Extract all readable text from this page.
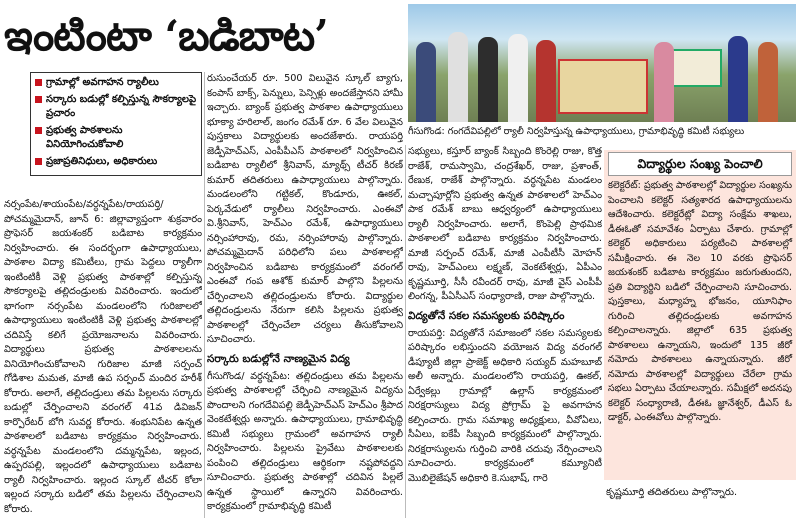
ఇంటింటా ‘బడిబాట’
గీసుగొండ: గంగదేవిపల్లిలో ర్యాలీ నిర్వహిస్తున్న ఉపాధ్యాయులు, గ్రామాభివృద్ధి కమిటీ సభ్యులు
గ్రామాల్లో అవగాహన ర్యాలీలు
సర్కారు బడుల్లో కల్పిస్తున్న సౌకర్యాలపై ప్రచారం
ప్రభుత్వ పాఠశాలను వినియోగించుకోవాలి
ప్రజాప్రతినిధులు, అధికారులు
నర్సంపేట/శాయంపేట/వర్ధన్నపేట/రాయపర్తి/పోచమ్మమైదాన్, జూన్ 6: జిల్లావ్యాప్తంగా శుక్రవారం ప్రొఫెసర్ జయశంకర్ బడిబాట కార్యక్రమం నిర్వహించారు. ఈ సందర్భంగా ఉపాధ్యాయులు, పాఠశాల విద్యా కమిటీలు, గ్రామ పెద్దలు ర్యాలీగా ఇంటింటికీ వెళ్లి ప్రభుత్వ పాఠశాల్లో కల్పిస్తున్న సౌకర్యాలపై తల్లిదండ్రులకు వివరించారు. ఇందులో భాగంగా నర్సంపేట మండలంలోని గురిజాలలో ఉపాధ్యాయులు ఇంటింటికీ వెళ్లి ప్రభుత్వ పాఠశాలల్లో చదివిస్తే కలిగే ప్రయోజనాలను వివరించారు. విద్యార్థులు ప్రభుత్వ పాఠశాలలను వినియోగించుకోవాలని గురిజాల మాజీ సర్పంచ్ గోడిశాల మమత, మాజీ ఉప సర్పంచ్ మందిర హరీశ్ కోరారు. అలాగే, తల్లిదండ్రులు తమ పిల్లలను సర్కారు బడుల్లో చేర్పించాలని వరంగల్ 41వ డివిజన్ కార్పొరేటర్ బోగి సువర్ణ కోరారు. శంభునిపేట ఉన్నత పాఠశాలలో బడిబాట కార్యక్రమం నిర్వహించారు. వర్ధన్నపేట మండలంలోని దమ్మన్నపేట, ఇల్లంద, ఉప్పరపల్లి, ఇల్లందలో ఉపాధ్యాయులు బడిబాట ర్యాలీ నిర్వహించారు. ఇల్లంద స్కూల్ టీచర్ కోలా ఇల్లంద సర్కారు బడిలో తమ పిల్లలను చేర్పించాలని కోరారు.
రుసుంచేయర్ రూ. 500 విలువైన స్కూల్ బ్యాగు, కంపాస్ బాక్స్, పెన్నులు, పెన్సిళ్లు అందజేస్తానని హామీ ఇచ్చారు. బ్యాంక్ ప్రభుత్వ పాఠశాల ఉపాధ్యాయులు భూక్యా హరిలాల్, జంగం రమేశ్ రూ. 6 వేల విలువైన పుస్తకాలు విద్యార్థులకు అందజేశారు. రాయపర్తి జెడ్పీహెచ్ఎస్, ఎంపీపీఎస్ పాఠశాలలో నిర్వహించిన బడిబాట ర్యాలీలో శ్రీనివాస్, మ్యాథ్స్ టీచర్ కిరణ్ కుమార్ తదితరులు ఉపాధ్యాయులు పాల్గొన్నారు. మండలంలోని గట్టికల్, కొండూరు, ఊకల్, పెర్కవేడులో ర్యాలీలు నిర్వహించారు. ఎంఈవో వి.శ్రీనివాస్, హెచ్ఎం రమేశ్, ఉపాధ్యాయులు నర్సింహారావు, రమ, నర్సింహారావు పాల్గొన్నారు. పోచమ్మమైదాన్ పరిధిలోని పలు పాఠశాలల్లో నిర్వహించిన బడిబాట కార్యక్రమంలో వరంగల్ ఎంఈవో గంప ఆశోక్ కుమార్ పాల్గొని పిల్లలను చేర్పించాలని తల్లిదండ్రులను కోరారు. విద్యార్థుల తల్లిదండ్రులను నేరుగా కలిసి పిల్లలను ప్రభుత్వ పాఠశాలల్లో చేర్పించేలా చర్యలు తీసుకోవాలని సూచించారు.
సర్కారు బడుల్లోనే నాణ్యమైన విద్య
గీసుగొండ/ వర్ధన్నపేట: తల్లిదండ్రులు తమ పిల్లలను ప్రభుత్వ పాఠశాలల్లో చేర్పించి నాణ్యమైన విద్యను పొందాలని గంగదేవిపల్లి జెడ్పీహెచ్ఎస్ హెచ్ఎం శ్రీపాద వెంకటేశ్వర్లు అన్నారు. ఉపాధ్యాయులు, గ్రామాభివృద్ధి కమిటీ సభ్యులు గ్రామంలో అవగాహన ర్యాలీ నిర్వహించారు. పిల్లలను ప్రైవేటు పాఠశాలలకు పంపించి తల్లిదండ్రులు ఆర్థికంగా నష్టపోవద్దని సూచించారు. ప్రభుత్వ పాఠశాల్లో చదివిన పిల్లలే ఉన్నత స్థాయిలో ఉన్నారని వివరించారు. కార్యక్రమంలో గ్రామాభివృద్ధి కమిటీ
సభ్యులు, కస్తూర్ బ్యాంక్ సిబ్బంది కొంరెల్లి రాజు, కొత్త రాజేశ్, రామస్వామి, చంద్రశేఖర్, రాజు, ప్రశాంత్, రేణుక, రాజేశ్ పాల్గొన్నారు. వర్ధన్నపేట మండలం మచ్చాపూర్లోని ప్రభుత్వ ఉన్నత పాఠశాలలో హెచ్ఎం పాక రమేశ్ బాబు ఆధ్వర్యంలో ఉపాధ్యాయులు ర్యాలీ నిర్వహించారు. అలాగే, కొంపెల్లి ప్రాథమిక పాఠశాలలో బడిబాట కార్యక్రమం నిర్వహించారు. మాజీ సర్పంచ్ రమేశ్, మాజీ ఎంపీటీసీ మోహన్ రావు, హెచ్ఎంలు లక్ష్మణ్, వెంకటేశ్వర్లు, ఏపీఎం కృష్ణమూర్తి, సీసీ రవీందర్ రావు, మాజీ వైస్ ఎంపీపీ లింగన్న, పీఏసీఎస్ సంధ్యారాణి, రాజు పాల్గొన్నారు.
విద్యతోనే సకల సమస్యలకు పరిష్కారం
రాయపర్తి: విద్యతోనే సమాజంలో సకల సమస్యలకు పరిష్కారం లభిస్తుందని వయోజన విద్య వరంగల్ డీప్యూటీ జిల్లా ప్రాజెక్ట్ అధికారి సయ్యద్ మహబూబ్ అలీ అన్నారు. మండలంలోని రాయపర్తి, ఊకల్, ఏర్వేకల్లు గ్రామాల్లో ఉల్లాస్ కార్యక్రమంలో నిరక్షరాస్యులు విద్య ప్రోగ్రామ్ పై అవగాహన కల్పించారు. గ్రామ సమాఖ్య అధ్యక్షులు, వీవోఏలు, సీఏలు, ఐకేపీ సిబ్బంది కార్యక్రమంలో పాల్గొన్నారు. నిరక్షరాస్యులను గుర్తించి వారికి చదువు నేర్పించాలని సూచించారు. కార్యక్రమంలో కమ్యూనిటీ మొబిలైజేషన్ అధికారి కె.సుభాష్, గారె
విద్యార్థుల సంఖ్య పెంచాలి

కలెక్టరేట్: ప్రభుత్వ పాఠశాలల్లో విద్యార్థుల సంఖ్యను పెంచాలని కలెక్టర్ సత్యశారద ఉపాధ్యాయులను ఆదేశించారు. కలెక్టరేట్లో విద్యా సంక్షేమ శాఖలు, డీఈఓతో సమావేశం ఏర్పాటు చేశారు. గ్రామాల్లో కలెక్టర్ అధికారులు పర్యటించి పాఠశాలల్లో సమీక్షించారు. ఈ నెల 10 వరకు ప్రొఫెసర్ జయశంకర్ బడిబాట కార్యక్రమం జరుగుతుందని, ప్రతి విద్యార్థిని బడిలో చేర్పించాలని సూచించారు. పుస్తకాలు, మధ్యాహ్న భోజనం, యూనిఫాం గురించి తల్లిదండ్రులకు అవగాహన కల్పించాలన్నారు. జిల్లాలో 635 ప్రభుత్వ పాఠశాలలు ఉన్నాయని, ఇందులో 135 జీరో నమోదు పాఠశాలలు ఉన్నాయన్నారు. జీరో నమోదు పాఠశాలల్లో విద్యార్థులు చేరేలా గ్రామ సభలు ఏర్పాటు చేయాలన్నారు. సమీక్షలో అదనపు కలెక్టర్ సంధ్యారాణి, డీఈఓ జ్ఞానేశ్వర్, డీఎస్ ఓ డాక్టర్, ఎంఈవోలు పాల్గొన్నారు.

కృష్ణమూర్తి తదితరులు పాల్గొన్నారు.
